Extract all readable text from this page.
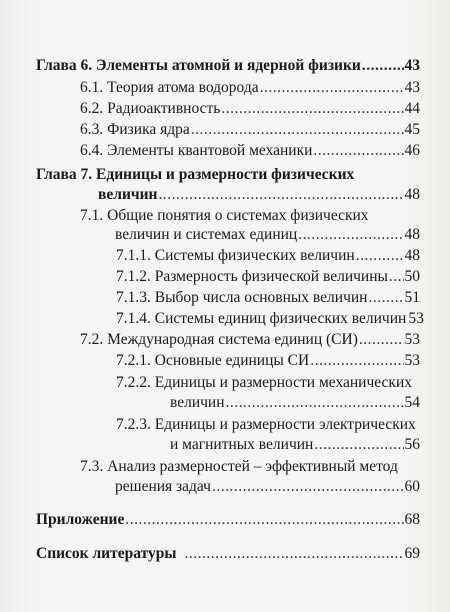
Глава 6. Элементы атомной и ядерной физики .....	43
6.1. Теория атома водорода .....	43
6.2. Радиоактивность .....	44
6.3. Физика ядра .....	45
6.4. Элементы квантовой механики .....	46
Глава 7. Единицы и размерности физических
величин .....	48
7.1. Общие понятия о системах физических
величин и системах единиц .....	48
7.1.1. Системы физических величин .....	48
7.1.2. Размерность физической величины ..... 50
7.1.3. Выбор числа основных величин ..... 51
7.1.4. Системы единиц физических величин 53
7.2. Международная система единиц (СИ) .....	53
7.2.1. Основные единицы СИ .....	53
7.2.2. Единицы и размерности механических
величин .....	54
7.2.3. Единицы и размерности электрических
и магнитных величин .....	56
7.3. Анализ размерностей – эффективный метод
решения задач .....	60
Приложение .....	68
Список литературы .....	69
